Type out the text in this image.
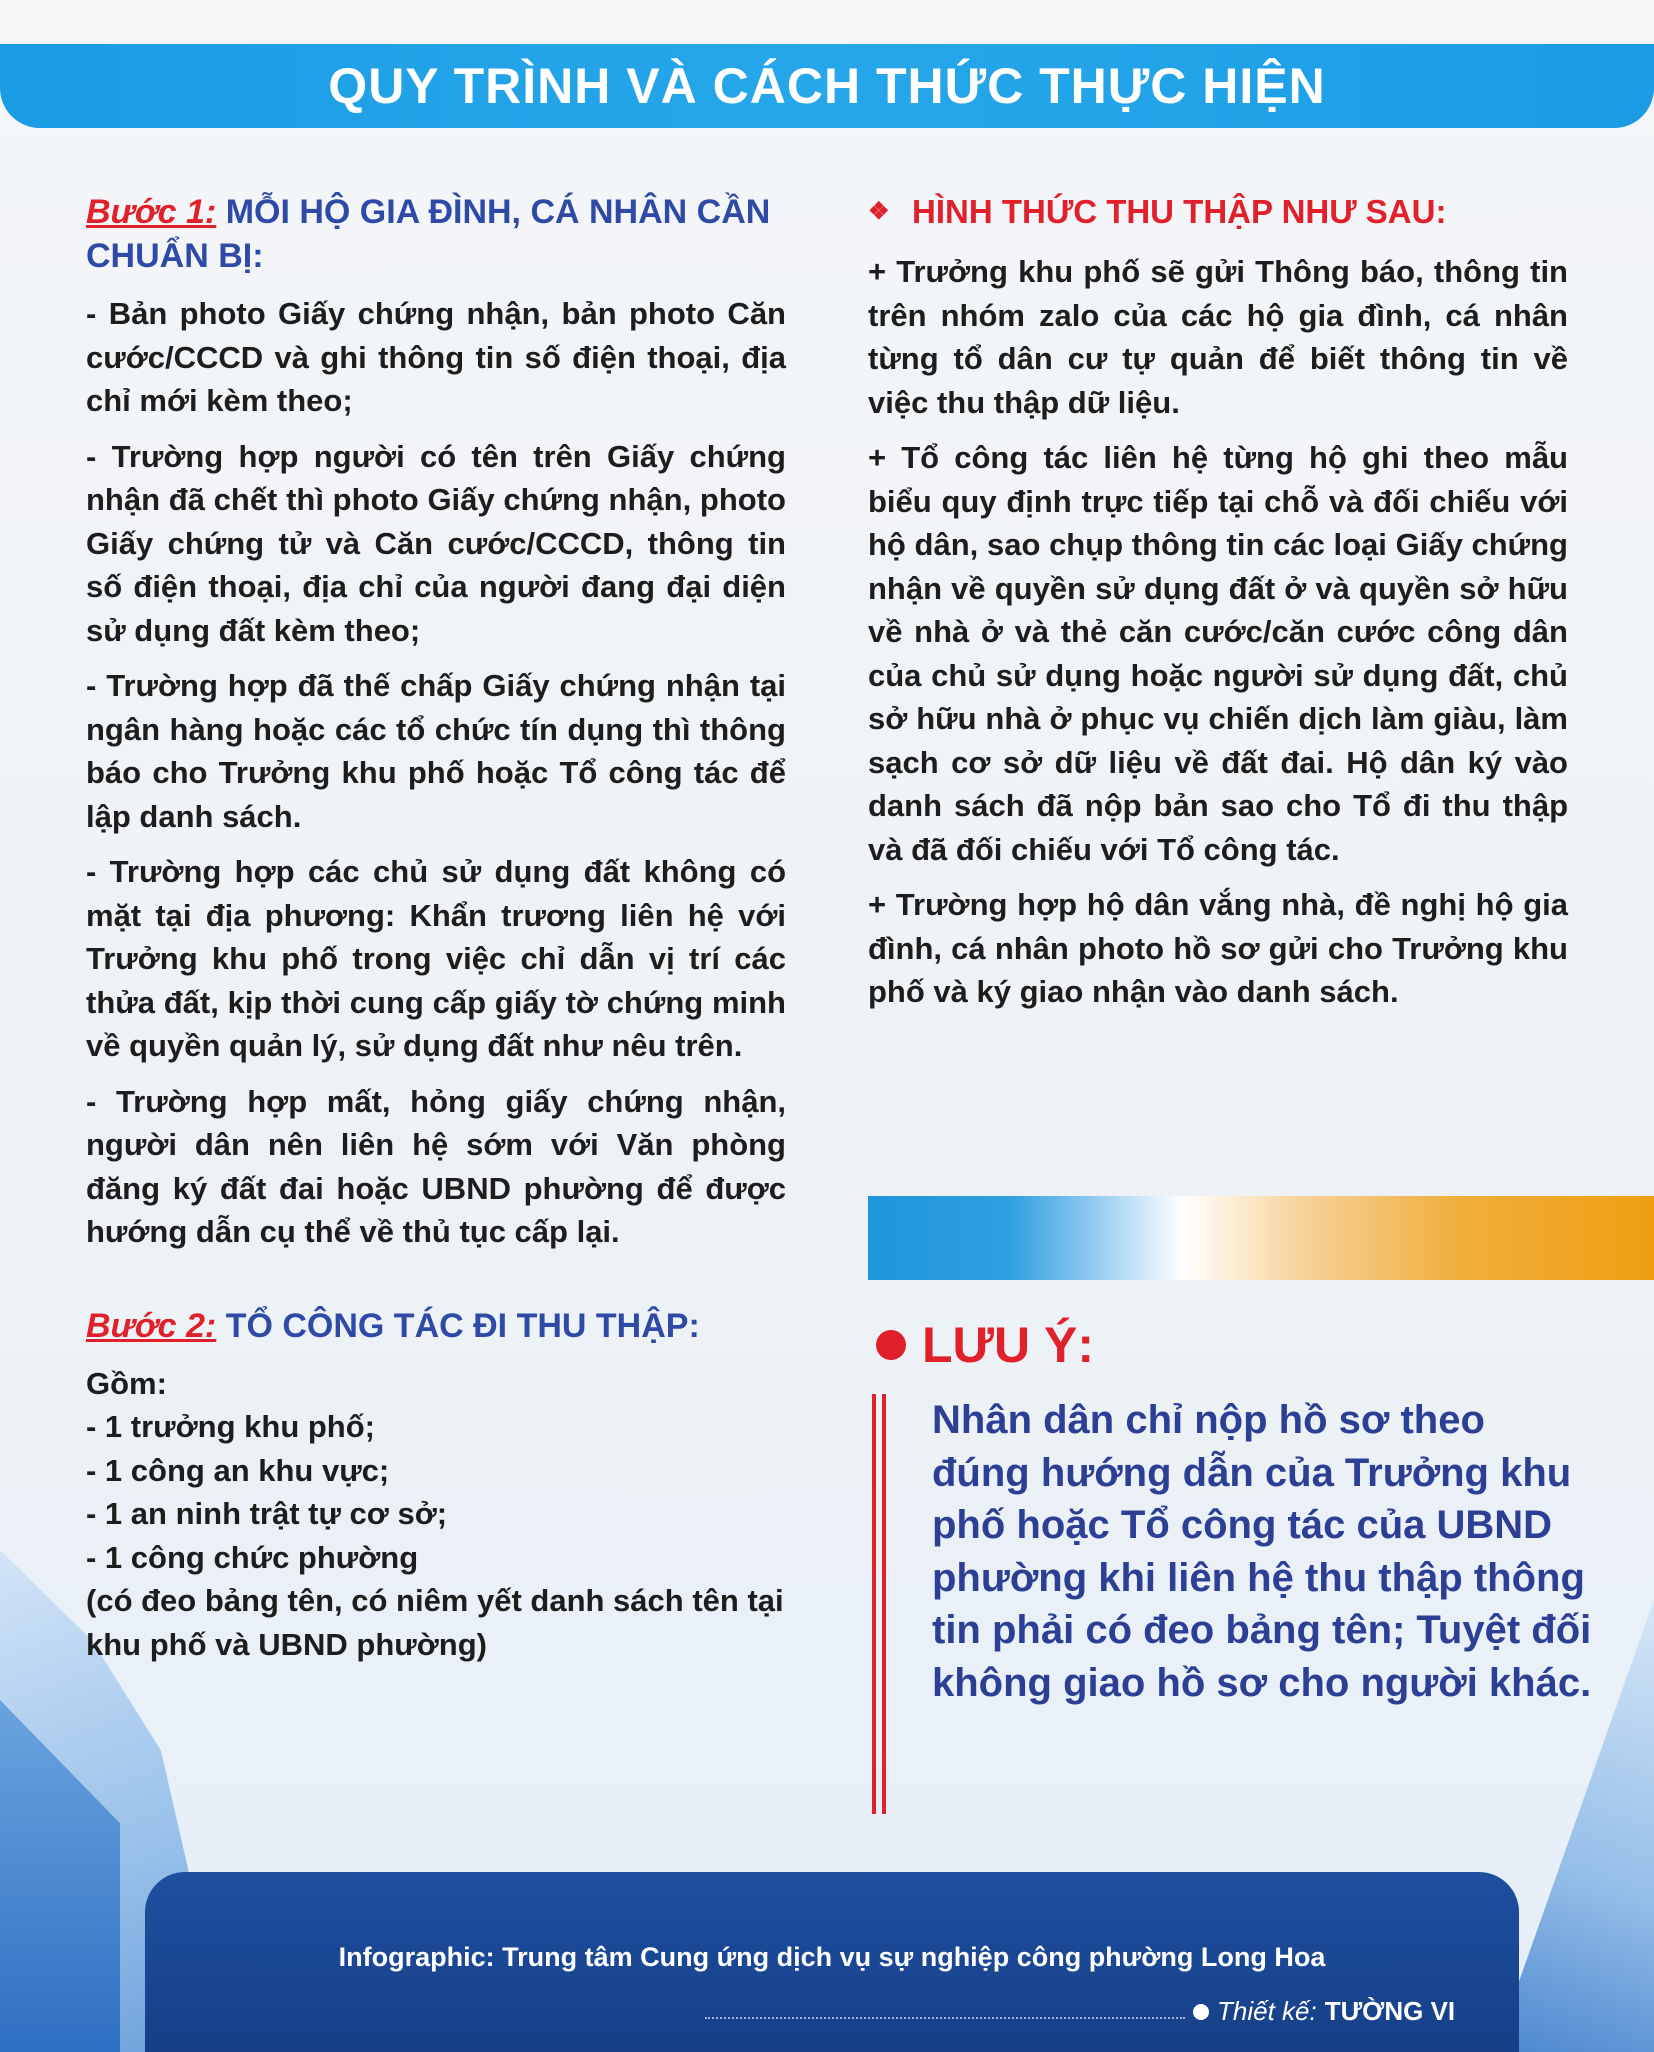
QUY TRÌNH VÀ CÁCH THỨC THỰC HIỆN
Bước 1: MỖI HỘ GIA ĐÌNH, CÁ NHÂN CẦN CHUẨN BỊ:

- Bản photo Giấy chứng nhận, bản photo Căn cước/CCCD và ghi thông tin số điện thoại, địa chỉ mới kèm theo;

- Trường hợp người có tên trên Giấy chứng nhận đã chết thì photo Giấy chứng nhận, photo Giấy chứng tử và Căn cước/CCCD, thông tin số điện thoại, địa chỉ của người đang đại diện sử dụng đất kèm theo;

- Trường hợp đã thế chấp Giấy chứng nhận tại ngân hàng hoặc các tổ chức tín dụng thì thông báo cho Trưởng khu phố hoặc Tổ công tác để lập danh sách.

- Trường hợp các chủ sử dụng đất không có mặt tại địa phương: Khẩn trương liên hệ với Trưởng khu phố trong việc chỉ dẫn vị trí các thửa đất, kịp thời cung cấp giấy tờ chứng minh về quyền quản lý, sử dụng đất như nêu trên.

- Trường hợp mất, hỏng giấy chứng nhận, người dân nên liên hệ sớm với Văn phòng đăng ký đất đai hoặc UBND phường để được hướng dẫn cụ thể về thủ tục cấp lại.

Bước 2: TỔ CÔNG TÁC ĐI THU THẬP:
Gồm:
- 1 trưởng khu phố;
- 1 công an khu vực;
- 1 an ninh trật tự cơ sở;
- 1 công chức phường
(có đeo bảng tên, có niêm yết danh sách tên tại khu phố và UBND phường)
❖ HÌNH THỨC THU THẬP NHƯ SAU:

+ Trưởng khu phố sẽ gửi Thông báo, thông tin trên nhóm zalo của các hộ gia đình, cá nhân từng tổ dân cư tự quản để biết thông tin về việc thu thập dữ liệu.

+ Tổ công tác liên hệ từng hộ ghi theo mẫu biểu quy định trực tiếp tại chỗ và đối chiếu với hộ dân, sao chụp thông tin các loại Giấy chứng nhận về quyền sử dụng đất ở và quyền sở hữu về nhà ở và thẻ căn cước/căn cước công dân của chủ sử dụng hoặc người sử dụng đất, chủ sở hữu nhà ở phục vụ chiến dịch làm giàu, làm sạch cơ sở dữ liệu về đất đai. Hộ dân ký vào danh sách đã nộp bản sao cho Tổ đi thu thập và đã đối chiếu với Tổ công tác.

+ Trường hợp hộ dân vắng nhà, đề nghị hộ gia đình, cá nhân photo hồ sơ gửi cho Trưởng khu phố và ký giao nhận vào danh sách.

LƯU Ý:

Nhân dân chỉ nộp hồ sơ theo đúng hướng dẫn của Trưởng khu phố hoặc Tổ công tác của UBND phường khi liên hệ thu thập thông tin phải có đeo bảng tên; Tuyệt đối không giao hồ sơ cho người khác.

Infographic: Trung tâm Cung ứng dịch vụ sự nghiệp công phường Long Hoa
Thiết kế: TƯỜNG VI
